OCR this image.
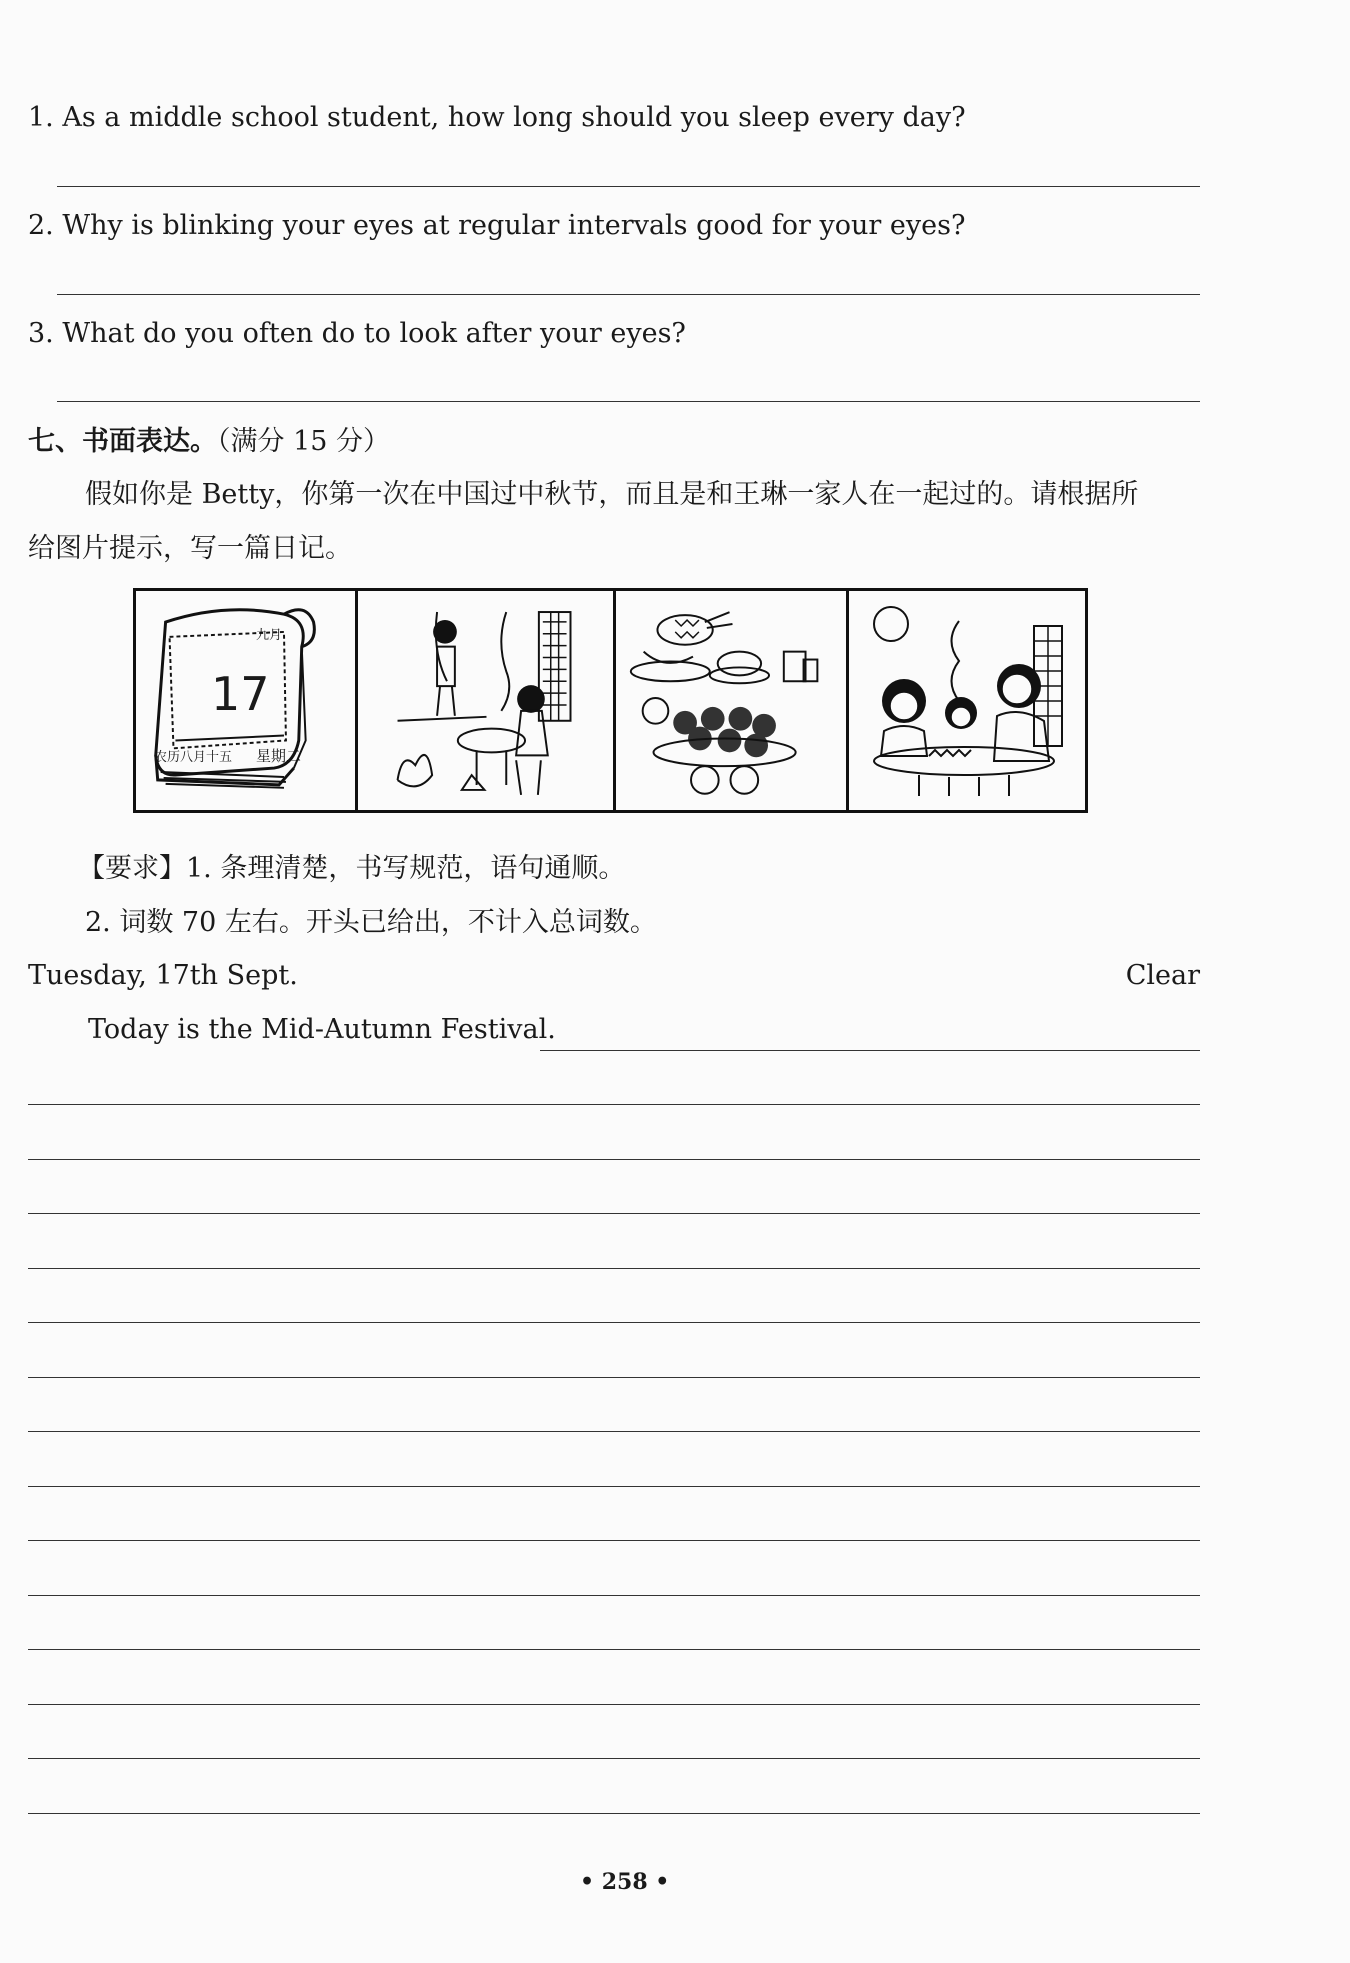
1. As a middle school student, how long should you sleep every day?
2. Why is blinking your eyes at regular intervals good for your eyes?
3. What do you often do to look after your eyes?
七、书面表达。（满分 15 分）
假如你是 Betty，你第一次在中国过中秋节，而且是和王琳一家人在一起过的。请根据所
给图片提示，写一篇日记。
九月
17
农历八月十五 星期二
【要求】1. 条理清楚，书写规范，语句通顺。
2. 词数 70 左右。开头已给出，不计入总词数。
Tuesday, 17th Sept.	Clear
Today is the Mid-Autumn Festival.
• 258 •
